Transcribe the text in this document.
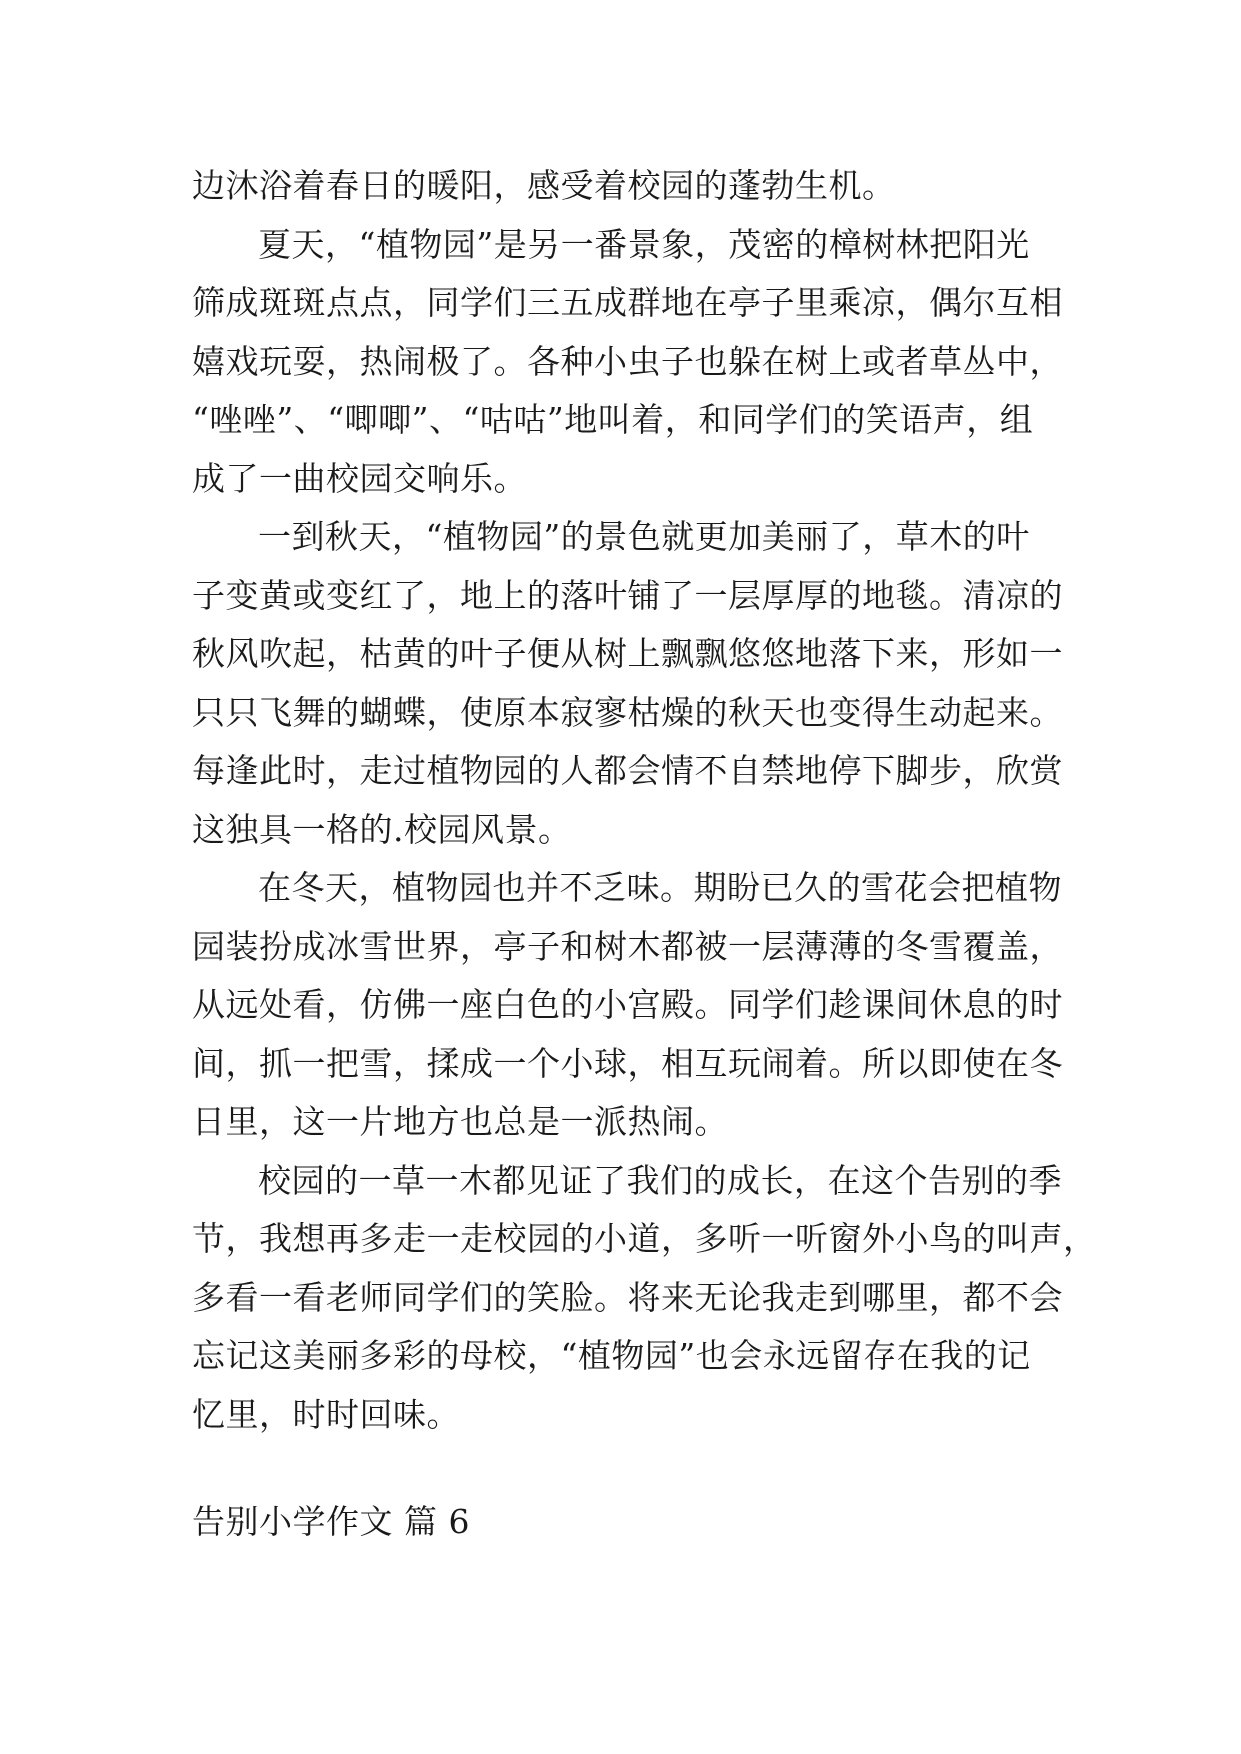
边沐浴着春日的暖阳，感受着校园的蓬勃生机。
夏天，“植物园”是另一番景象，茂密的樟树林把阳光
筛成斑斑点点，同学们三五成群地在亭子里乘凉，偶尔互相
嬉戏玩耍，热闹极了。各种小虫子也躲在树上或者草丛中，
“唑唑”、“唧唧”、“咕咕”地叫着，和同学们的笑语声，组
成了一曲校园交响乐。
一到秋天，“植物园”的景色就更加美丽了，草木的叶
子变黄或变红了，地上的落叶铺了一层厚厚的地毯。清凉的
秋风吹起，枯黄的叶子便从树上飘飘悠悠地落下来，形如一
只只飞舞的蝴蝶，使原本寂寥枯燥的秋天也变得生动起来。
每逢此时，走过植物园的人都会情不自禁地停下脚步，欣赏
这独具一格的.校园风景。
在冬天，植物园也并不乏味。期盼已久的雪花会把植物
园装扮成冰雪世界，亭子和树木都被一层薄薄的冬雪覆盖，
从远处看，仿佛一座白色的小宫殿。同学们趁课间休息的时
间，抓一把雪，揉成一个小球，相互玩闹着。所以即使在冬
日里，这一片地方也总是一派热闹。
校园的一草一木都见证了我们的成长，在这个告别的季
节，我想再多走一走校园的小道，多听一听窗外小鸟的叫声，
多看一看老师同学们的笑脸。将来无论我走到哪里，都不会
忘记这美丽多彩的母校，“植物园”也会永远留存在我的记
忆里，时时回味。
告别小学作文 篇 6
